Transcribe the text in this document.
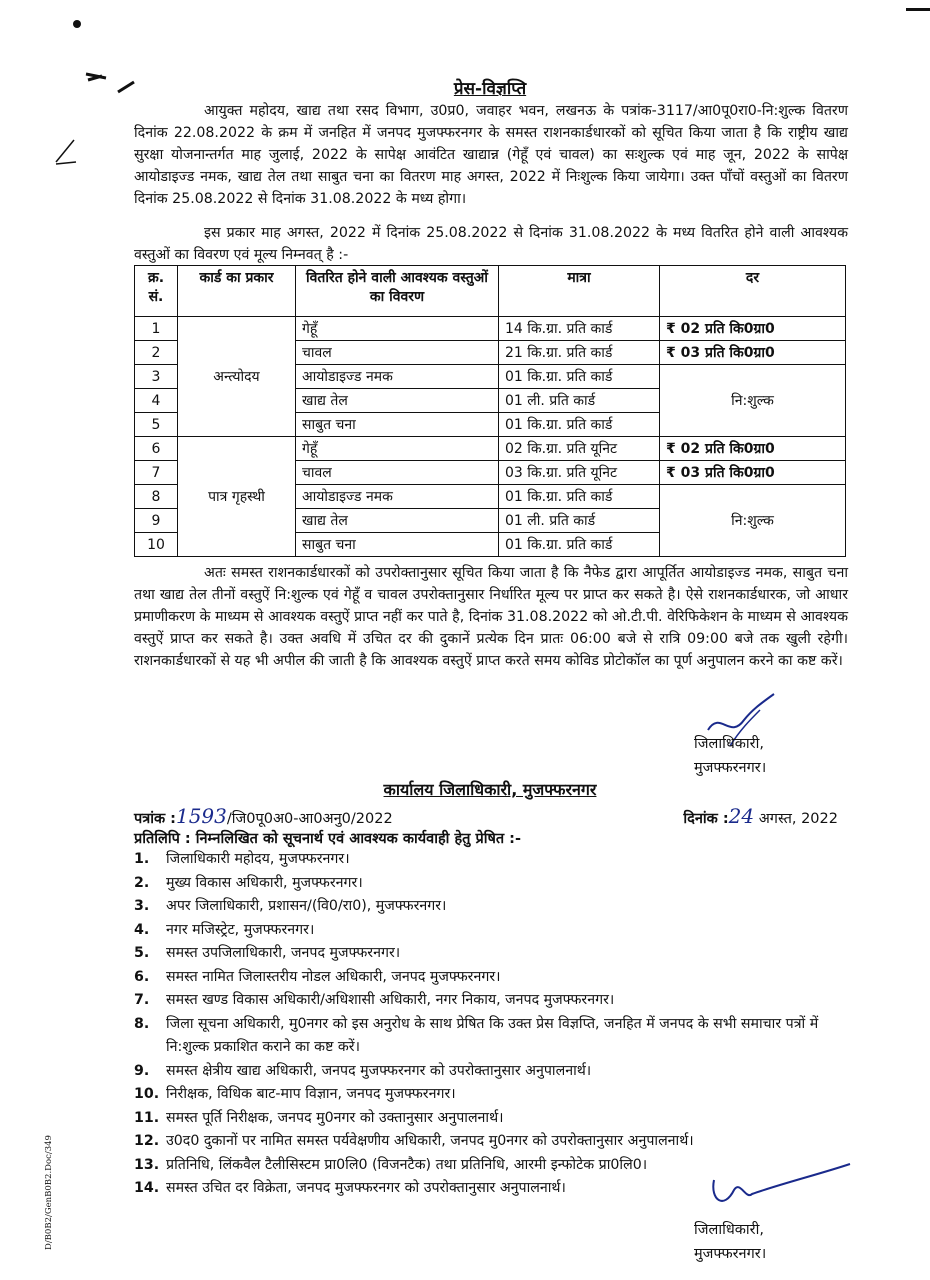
प्रेस-विज्ञप्ति

आयुक्त महोदय, खाद्य तथा रसद विभाग, उ0प्र0, जवाहर भवन, लखनऊ के पत्रांक-3117/आ0पू0रा0-नि:शुल्क वितरण दिनांक 22.08.2022 के क्रम में जनहित में जनपद मुजफ्फरनगर के समस्त राशनकार्डधारकों को सूचित किया जाता है कि राष्ट्रीय खाद्य सुरक्षा योजनान्तर्गत माह जुलाई, 2022 के सापेक्ष आवंटित खाद्यान्न (गेहूँ एवं चावल) का सःशुल्क एवं माह जून, 2022 के सापेक्ष आयोडाइज्ड नमक, खाद्य तेल तथा साबुत चना का वितरण माह अगस्त, 2022 में निःशुल्क किया जायेगा। उक्त पाँचों वस्तुओं का वितरण दिनांक 25.08.2022 से दिनांक 31.08.2022 के मध्य होगा।

इस प्रकार माह अगस्त, 2022 में दिनांक 25.08.2022 से दिनांक 31.08.2022 के मध्य वितरित होने वाली आवश्यक वस्तुओं का विवरण एवं मूल्य निम्नवत् है :-

क्र. सं.	कार्ड का प्रकार	वितरित होने वाली आवश्यक वस्तुओं का विवरण	मात्रा	दर
1	अन्त्योदय	गेहूँ	14 कि.ग्रा. प्रति कार्ड	₹ 02 प्रति कि0ग्रा0
2		चावल	21 कि.ग्रा. प्रति कार्ड	₹ 03 प्रति कि0ग्रा0
3		आयोडाइज्ड नमक	01 कि.ग्रा. प्रति कार्ड	नि:शुल्क
4		खाद्य तेल	01 ली. प्रति कार्ड	
5		साबुत चना	01 कि.ग्रा. प्रति कार्ड	
6	पात्र गृहस्थी	गेहूँ	02 कि.ग्रा. प्रति यूनिट	₹ 02 प्रति कि0ग्रा0
7		चावल	03 कि.ग्रा. प्रति यूनिट	₹ 03 प्रति कि0ग्रा0
8		आयोडाइज्ड नमक	01 कि.ग्रा. प्रति कार्ड	नि:शुल्क
9		खाद्य तेल	01 ली. प्रति कार्ड	
10		साबुत चना	01 कि.ग्रा. प्रति कार्ड	

अतः समस्त राशनकार्डधारकों को उपरोक्तानुसार सूचित किया जाता है कि नैफेड द्वारा आपूर्तित आयोडाइज्ड नमक, साबुत चना तथा खाद्य तेल तीनों वस्तुऐं नि:शुल्क एवं गेहूँ व चावल उपरोक्तानुसार निर्धारित मूल्य पर प्राप्त कर सकते है। ऐसे राशनकार्डधारक, जो आधार प्रमाणीकरण के माध्यम से आवश्यक वस्तुऐं प्राप्त नहीं कर पाते है, दिनांक 31.08.2022 को ओ.टी.पी. वेरिफिकेशन के माध्यम से आवश्यक वस्तुऐं प्राप्त कर सकते है। उक्त अवधि में उचित दर की दुकानें प्रत्येक दिन प्रातः 06:00 बजे से रात्रि 09:00 बजे तक खुली रहेगी। राशनकार्डधारकों से यह भी अपील की जाती है कि आवश्यक वस्तुऐं प्राप्त करते समय कोविड प्रोटोकॉल का पूर्ण अनुपालन करने का कष्ट करें।

जिलाधिकारी,
मुजफ्फरनगर।
कार्यालय जिलाधिकारी, मुजफ्फरनगर
पत्रांक :1593/जि0पू0अ0-आ0अनु0/2022	दिनांक :24 अगस्त, 2022
प्रतिलिपि : निम्नलिखित को सूचनार्थ एवं आवश्यक कार्यवाही हेतु प्रेषित :-
1.	जिलाधिकारी महोदय, मुजफ्फरनगर।
2.	मुख्य विकास अधिकारी, मुजफ्फरनगर।
3.	अपर जिलाधिकारी, प्रशासन/(वि0/रा0), मुजफ्फरनगर।
4.	नगर मजिस्ट्रेट, मुजफ्फरनगर।
5.	समस्त उपजिलाधिकारी, जनपद मुजफ्फरनगर।
6.	समस्त नामित जिलास्तरीय नोडल अधिकारी, जनपद मुजफ्फरनगर।
7.	समस्त खण्ड विकास अधिकारी/अधिशासी अधिकारी, नगर निकाय, जनपद मुजफ्फरनगर।
8.	जिला सूचना अधिकारी, मु0नगर को इस अनुरोध के साथ प्रेषित कि उक्त प्रेस विज्ञप्ति, जनहित में जनपद के सभी समाचार पत्रों में नि:शुल्क प्रकाशित कराने का कष्ट करें।
9.	समस्त क्षेत्रीय खाद्य अधिकारी, जनपद मुजफ्फरनगर को उपरोक्तानुसार अनुपालनार्थ।
10. निरीक्षक, विधिक बाट-माप विज्ञान, जनपद मुजफ्फरनगर।
11. समस्त पूर्ति निरीक्षक, जनपद मु0नगर को उक्तानुसार अनुपालनार्थ।
12. उ0द0 दुकानों पर नामित समस्त पर्यवेक्षणीय अधिकारी, जनपद मु0नगर को उपरोक्तानुसार अनुपालनार्थ।
13. प्रतिनिधि, लिंकवैल टैलीसिस्टम प्रा0लि0 (विजनटैक) तथा प्रतिनिधि, आरमी इन्फोटेक प्रा0लि0।
14. समस्त उचित दर विक्रेता, जनपद मुजफ्फरनगर को उपरोक्तानुसार अनुपालनार्थ।
जिलाधिकारी,
मुजफ्फरनगर।
D/B0B2/GenB0B2.Doc/349
